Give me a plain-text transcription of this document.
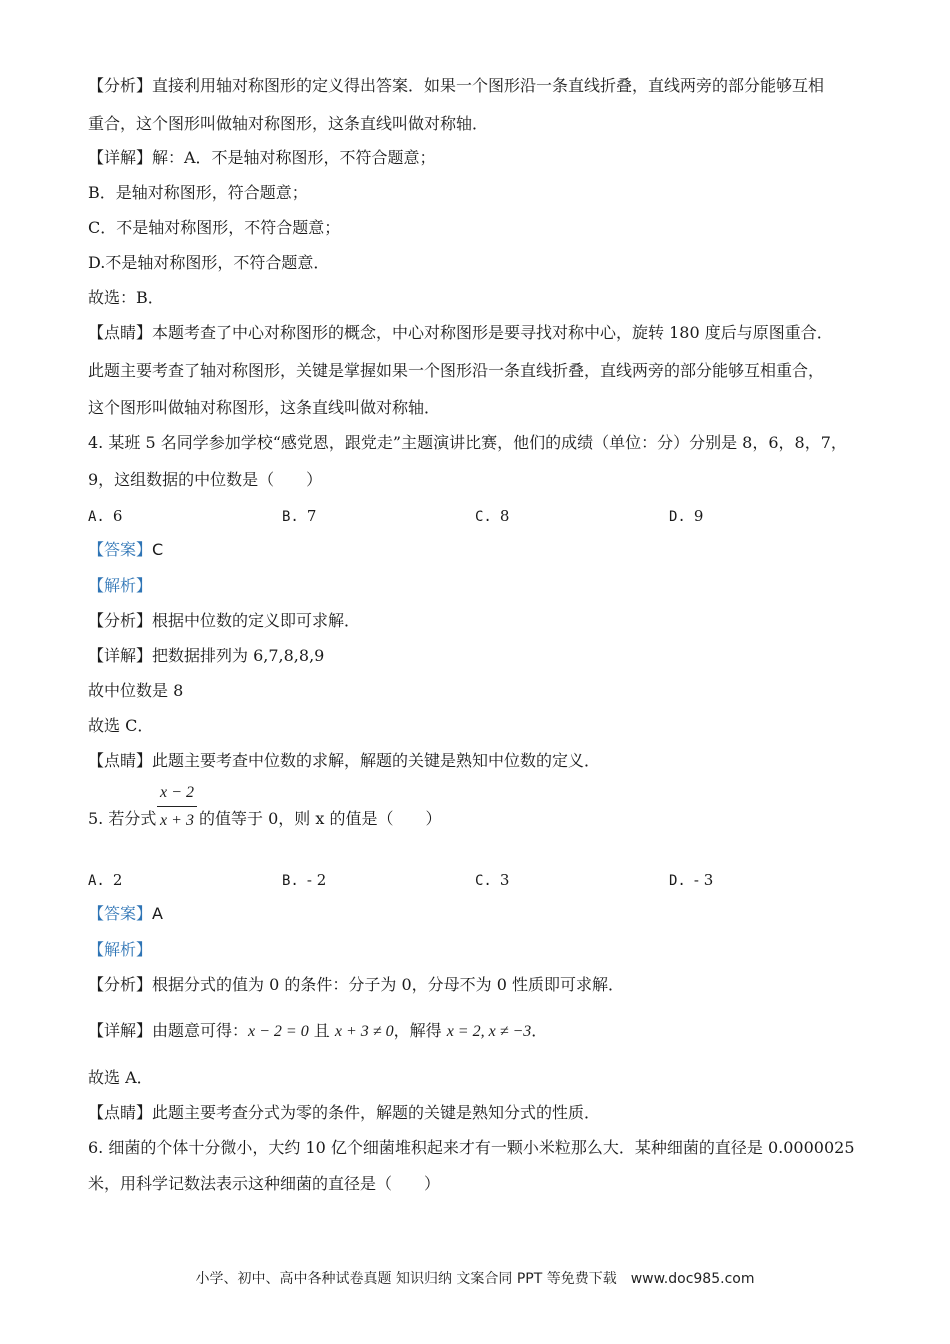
【分析】直接利用轴对称图形的定义得出答案．如果一个图形沿一条直线折叠，直线两旁的部分能够互相
重合，这个图形叫做轴对称图形，这条直线叫做对称轴．
【详解】解：A．不是轴对称图形，不符合题意；
B．是轴对称图形，符合题意；
C．不是轴对称图形，不符合题意；
D.不是轴对称图形，不符合题意．
故选：B．
【点睛】本题考查了中心对称图形的概念，中心对称图形是要寻找对称中心，旋转 180 度后与原图重合．
此题主要考查了轴对称图形，关键是掌握如果一个图形沿一条直线折叠，直线两旁的部分能够互相重合，
这个图形叫做轴对称图形，这条直线叫做对称轴．
4. 某班 5 名同学参加学校“感党恩，跟党走”主题演讲比赛，他们的成绩（单位：分）分别是 8，6，8，7，
9，这组数据的中位数是（　　）
A. 6	B. 7	C. 8	D. 9
【答案】C
【解析】
【分析】根据中位数的定义即可求解．
【详解】把数据排列为 6,7,8,8,9
故中位数是 8
故选 C．
【点睛】此题主要考查中位数的求解，解题的关键是熟知中位数的定义．
x − 2
x + 3
5. 若分式	的值等于 0，则 x 的值是（　　）
A. 2	B. - 2	C. 3	D. - 3
【答案】A
【解析】
【分析】根据分式的值为 0 的条件：分子为 0，分母不为 0 性质即可求解．
【详解】由题意可得：x − 2 = 0 且 x + 3 ≠ 0，解得 x = 2, x ≠ −3．
故选 A．
【点睛】此题主要考查分式为零的条件，解题的关键是熟知分式的性质．
6. 细菌的个体十分微小，大约 10 亿个细菌堆积起来才有一颗小米粒那么大．某种细菌的直径是 0.0000025
米，用科学记数法表示这种细菌的直径是（　　）
小学、初中、高中各种试卷真题 知识归纳 文案合同 PPT 等免费下载　www.doc985.com
